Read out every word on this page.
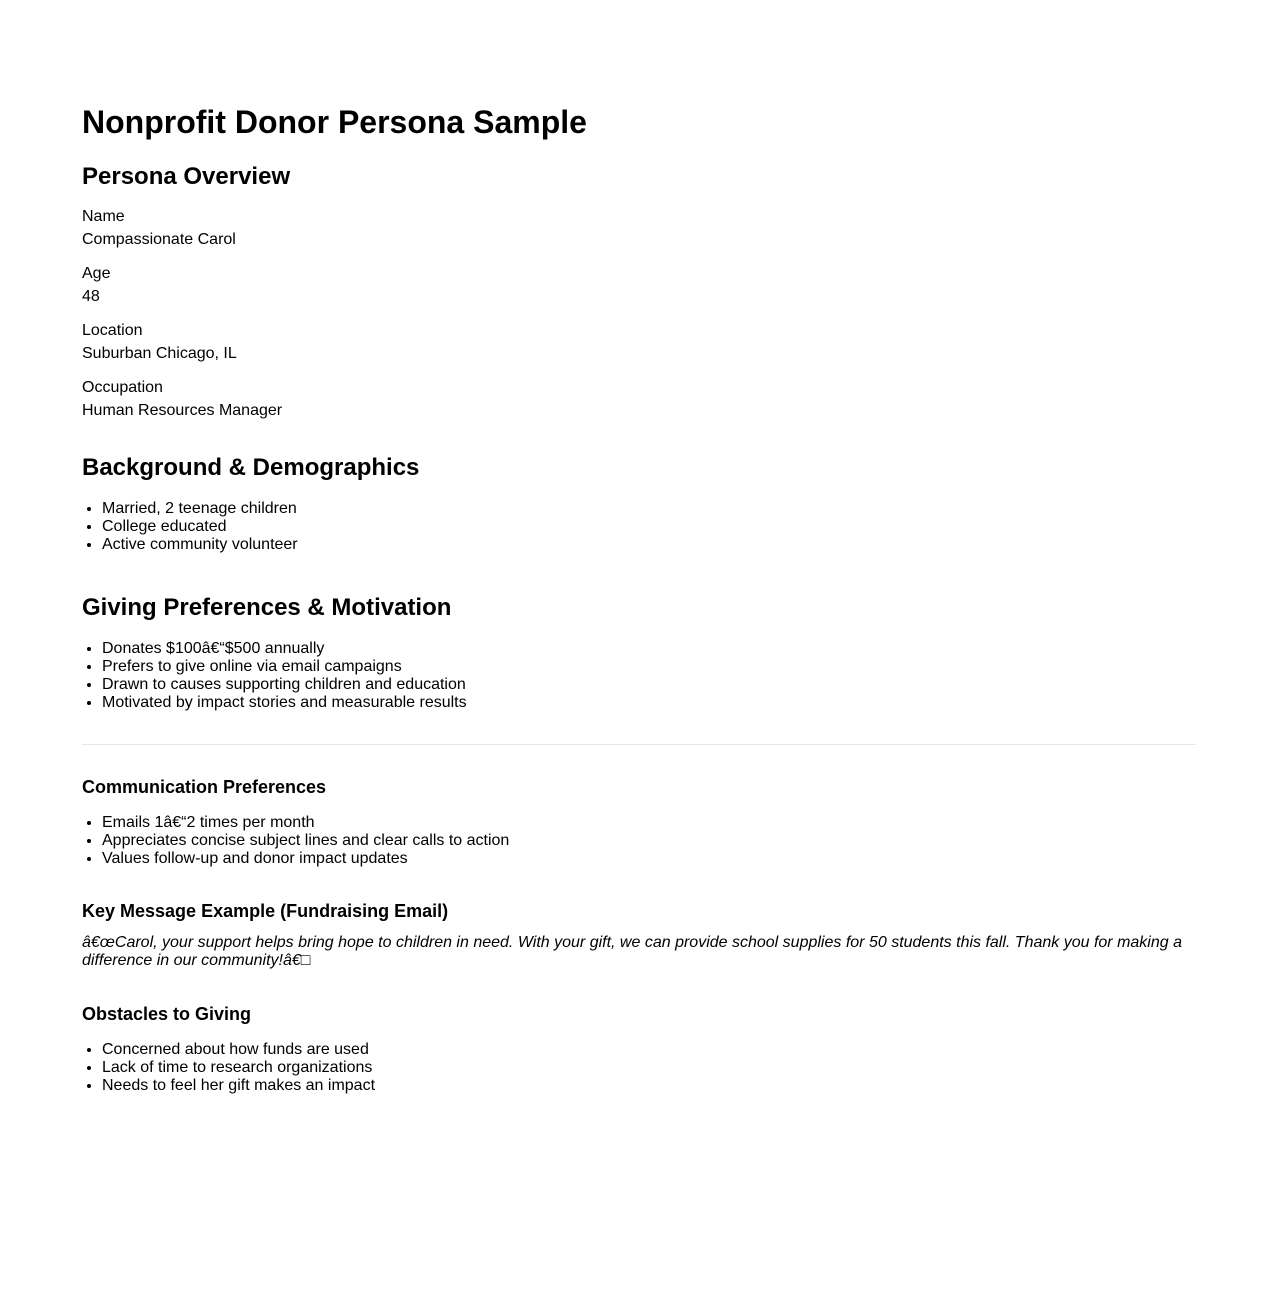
Nonprofit Donor Persona Sample
Persona Overview
Name
Compassionate Carol
Age
48
Location
Suburban Chicago, IL
Occupation
Human Resources Manager
Background & Demographics
• Married, 2 teenage children
• College educated
• Active community volunteer
Giving Preferences & Motivation
• Donates $100â€“$500 annually
• Prefers to give online via email campaigns
• Drawn to causes supporting children and education
• Motivated by impact stories and measurable results
Communication Preferences
• Emails 1â€“2 times per month
• Appreciates concise subject lines and clear calls to action
• Values follow-up and donor impact updates
Key Message Example (Fundraising Email)

â€œCarol, your support helps bring hope to children in need. With your gift, we can provide school supplies for 50 students this fall. Thank you for making a difference in our community!â€□

Obstacles to Giving
• Concerned about how funds are used
• Lack of time to research organizations
• Needs to feel her gift makes an impact
